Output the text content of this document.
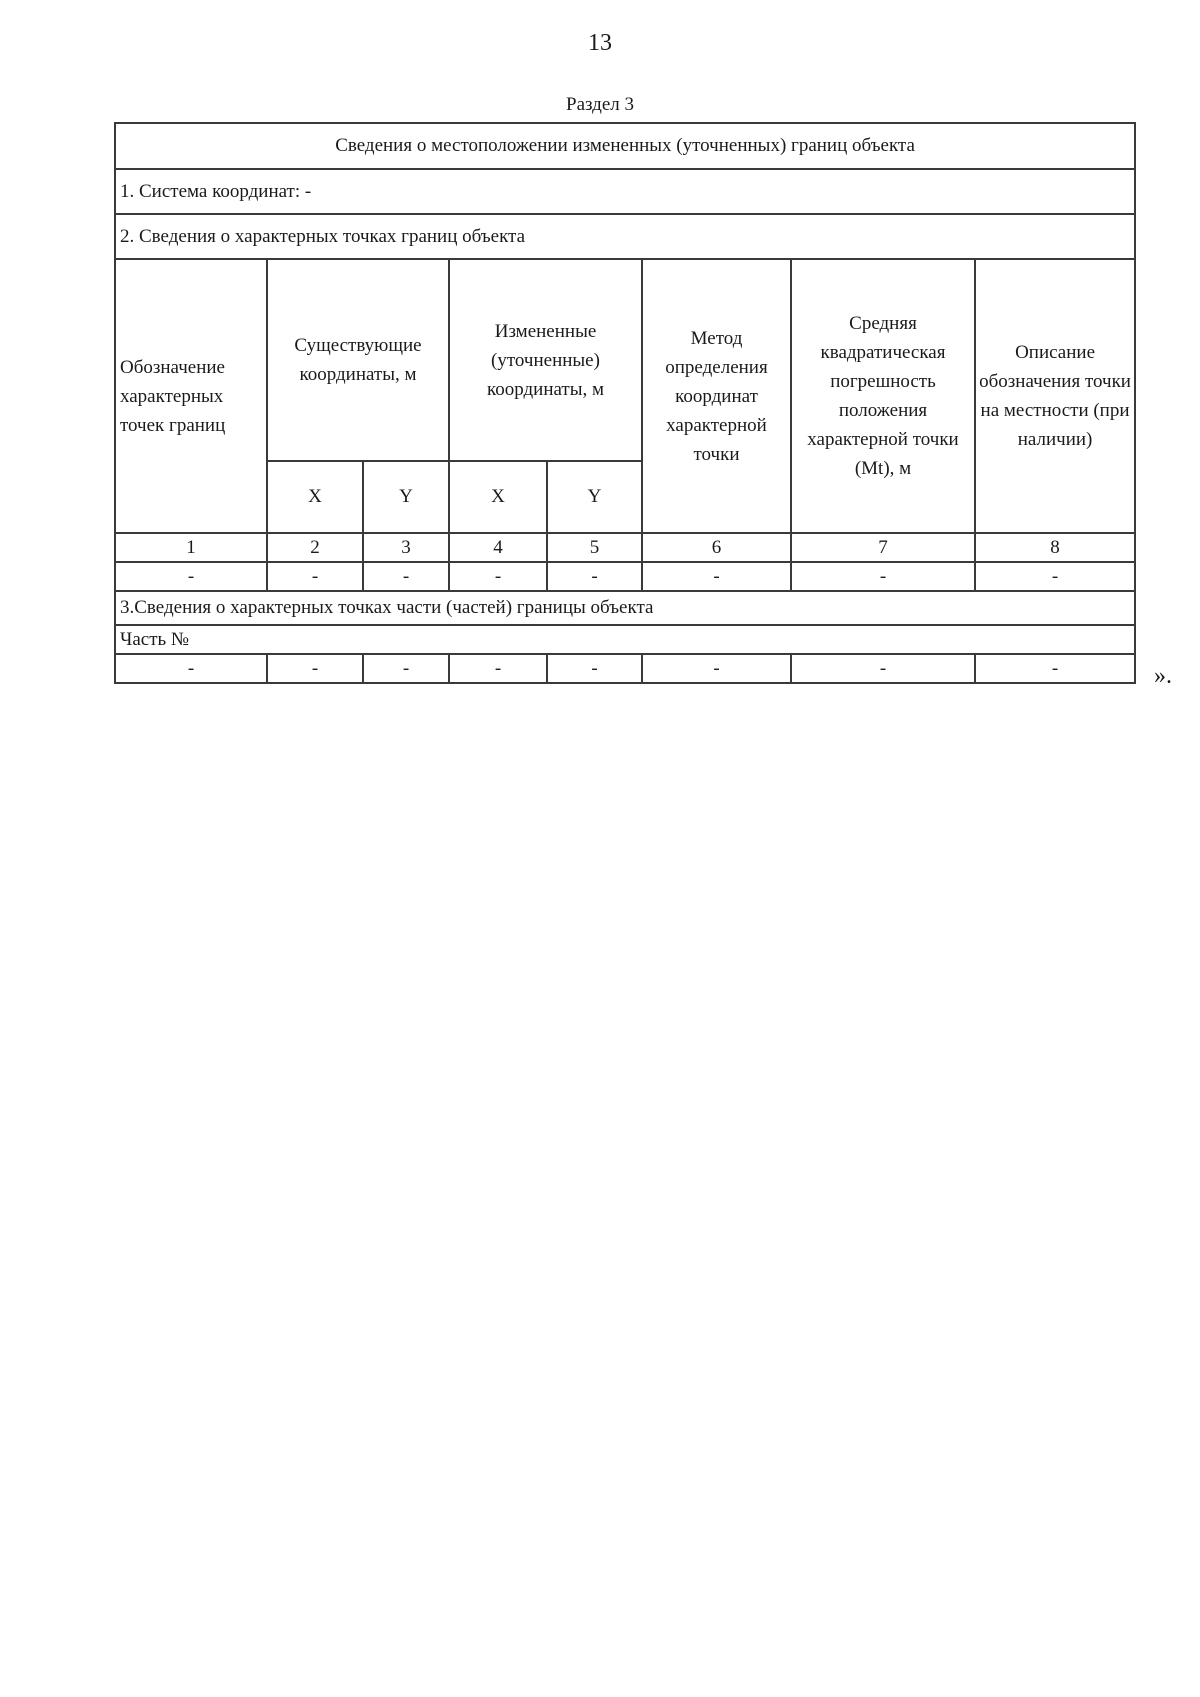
13
Раздел 3
Сведения о местоположении измененных (уточненных) границ объекта							
1. Система координат: -							
2. Сведения о характерных точках границ объекта							
Обозначение характерных точек границ	Существующие координаты, м		Измененные (уточненные) координаты, м		Метод определения координат характерной точки	Средняя квадратическая погрешность положения характерной точки (Mt), м	Описание обозначения точки на местности (при наличии)
	X	Y	X	Y			
1	2	3	4	5	6	7	8
-	-	-	-	-	-	-	-
3.Сведения о характерных точках части (частей) границы объекта							
Часть №							
-	-	-	-	-	-	-	-	».
